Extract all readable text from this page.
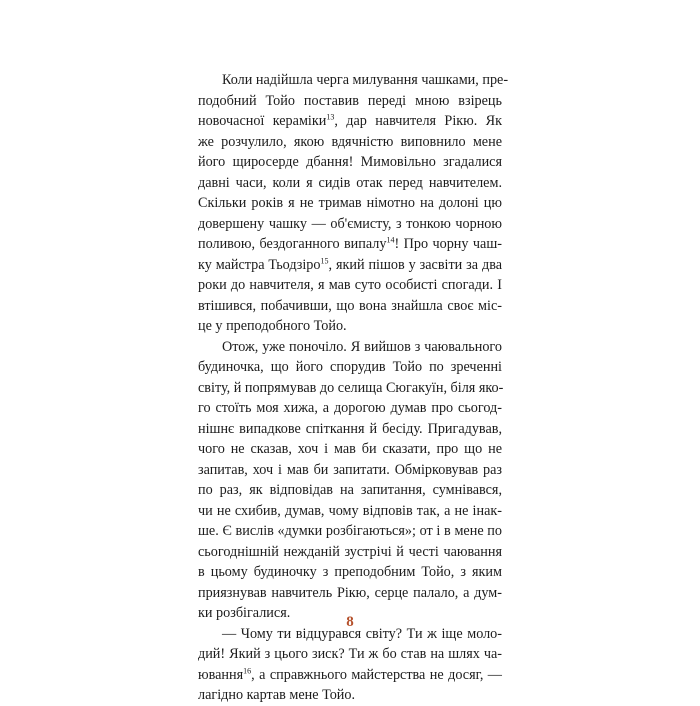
Коли надійшла черга милування чашками, пре-
подобний Тойо поставив переді мною взірець
новочасної кераміки$^{13}$, дар навчителя Рікю. Як
же розчулило, якою вдячністю виповнило мене
його щиросерде дбання! Мимовільно згадалися
давні часи, коли я сидів отак перед навчителем.
Скільки років я не тримав німотно на долоні цю
довершену чашку — об'ємисту, з тонкою чорною
поливою, бездоганного випалу$^{14}$! Про чорну чаш-
ку майстра Тьодзіро$^{15}$, який пішов у засвіти за два
роки до навчителя, я мав суто особисті спогади. І
втішився, побачивши, що вона знайшла своє міс-
це у преподобного Тойо.
Отож, уже поночіло. Я вийшов з чаювального
будиночка, що його спорудив Тойо по зреченні
світу, й попрямував до селища Сюгакуїн, біля яко-
го стоїть моя хижа, а дорогою думав про сьогод-
нішнє випадкове спіткання й бесіду. Пригадував,
чого не сказав, хоч і мав би сказати, про що не
запитав, хоч і мав би запитати. Обмірковував раз
по раз, як відповідав на запитання, сумнівався,
чи не схибив, думав, чому відповів так, а не інак-
ше. Є вислів «думки розбігаються»; от і в мене по
сьогоднішній нежданій зустрічі й честі чаювання
в цьому будиночку з преподобним Тойо, з яким
приязнував навчитель Рікю, серце палало, а дум-
ки розбігалися.
— Чому ти відцурався світу? Ти ж іще моло-
дий! Який з цього зиск? Ти ж бо став на шлях ча-
ювання$^{16}$, а справжнього майстерства не досяг, —
лагідно картав мене Тойо.
8
